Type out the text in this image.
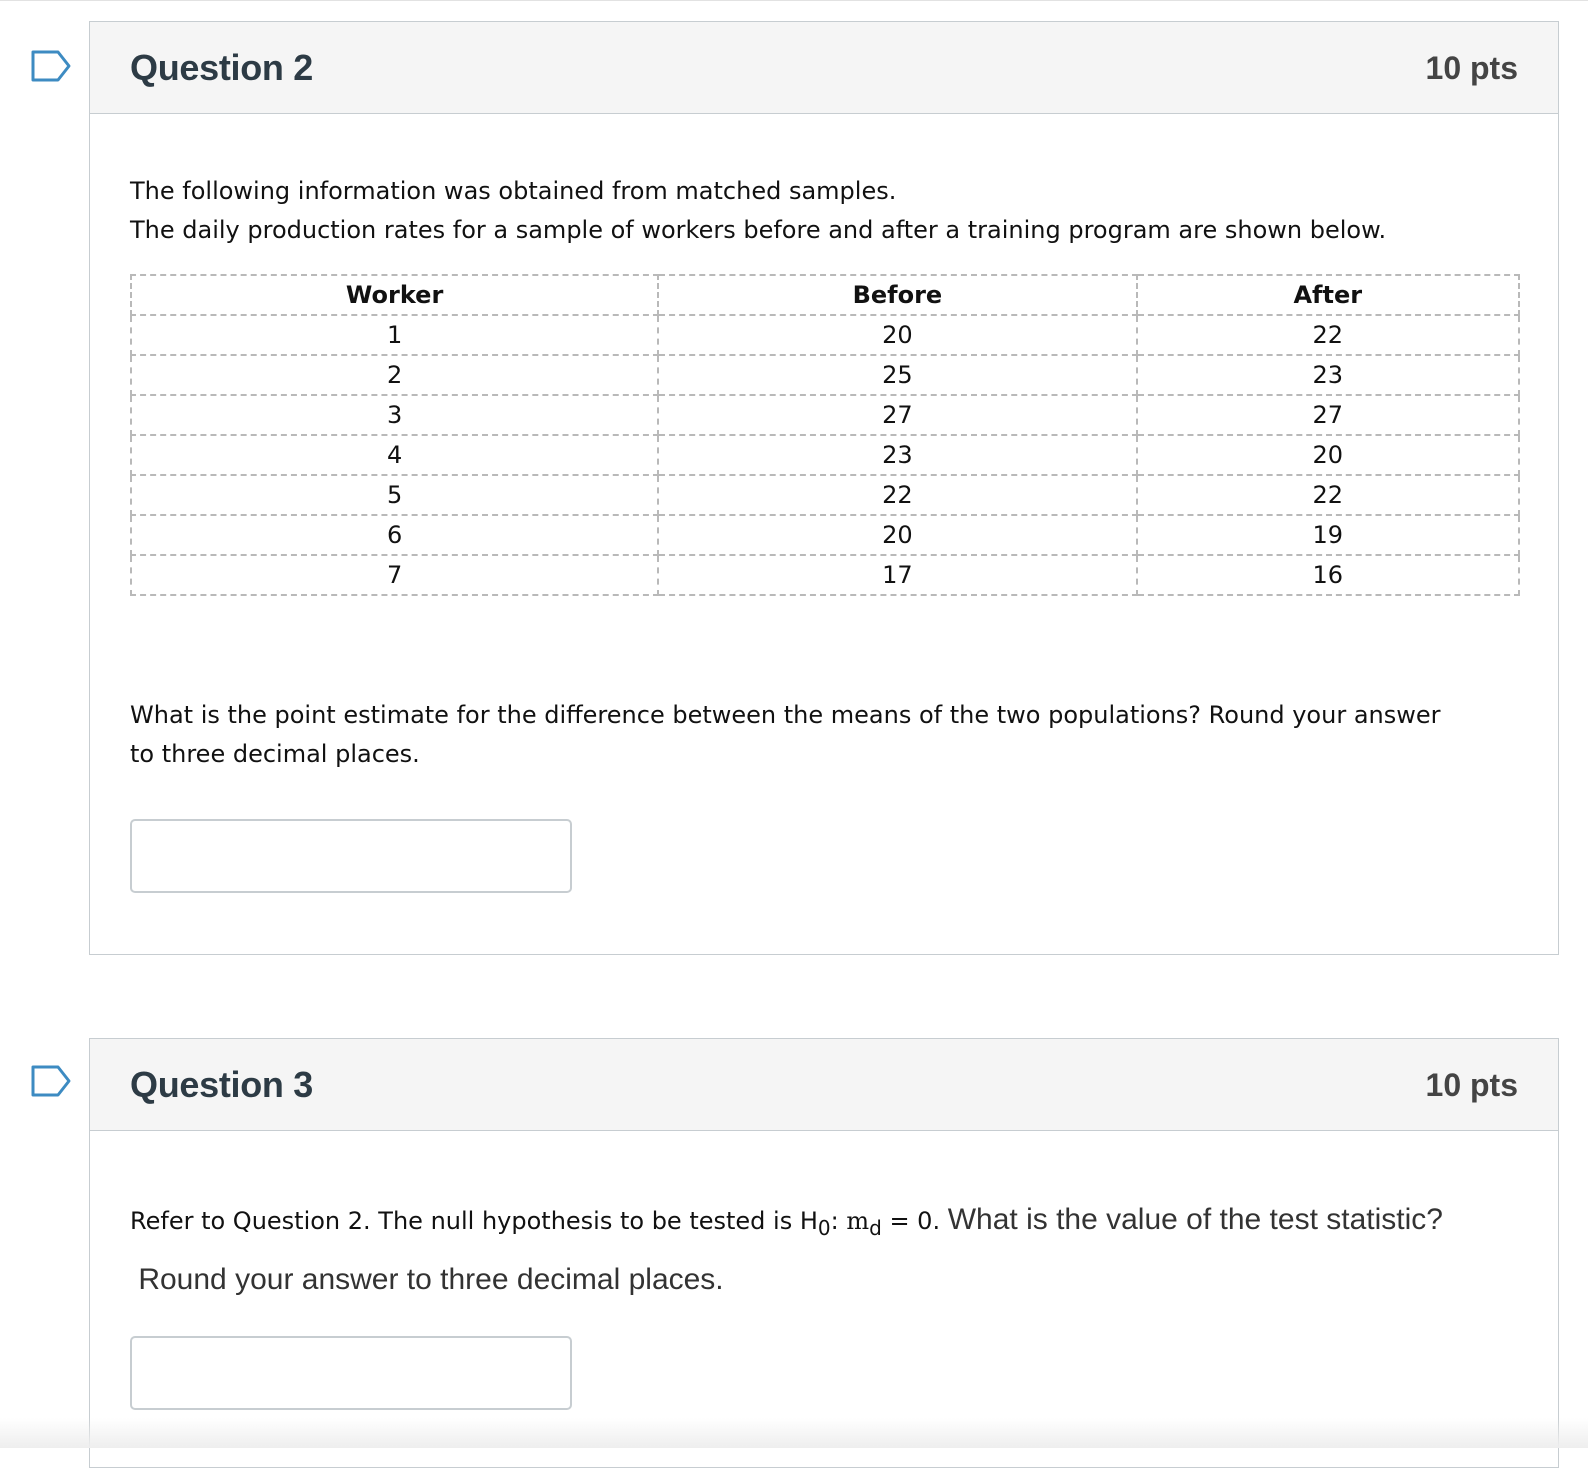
Question 2	10 pts
The following information was obtained from matched samples.
The daily production rates for a sample of workers before and after a training program are shown below.
Worker	Before	After
1	20	22
2	25	23
3	27	27
4	23	20
5	22	22
6	20	19
7	17	16
What is the point estimate for the difference between the means of the two populations? Round your answer
to three decimal places.
Question 3	10 pts
Refer to Question 2. The null hypothesis to be tested is $H_0$: $m_d = 0$. What is the value of the test statistic?
Round your answer to three decimal places.
